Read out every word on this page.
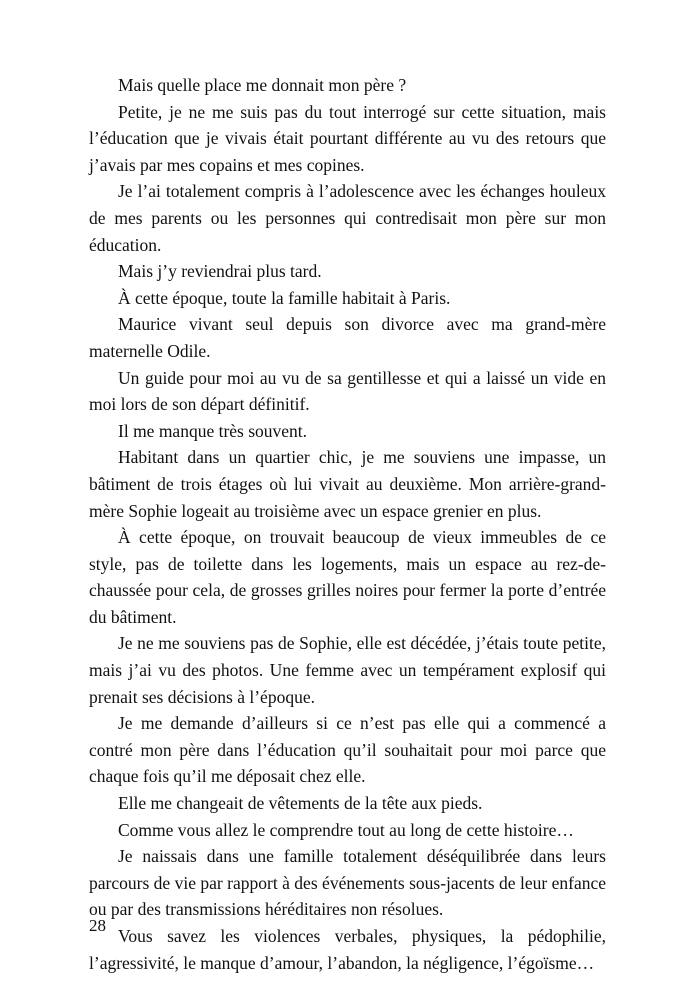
Mais quelle place me donnait mon père ?

Petite, je ne me suis pas du tout interrogé sur cette situation, mais l’éducation que je vivais était pourtant différente au vu des retours que j’avais par mes copains et mes copines.

Je l’ai totalement compris à l’adolescence avec les échanges houleux de mes parents ou les personnes qui contredisait mon père sur mon éducation.

Mais j’y reviendrai plus tard.

À cette époque, toute la famille habitait à Paris.

Maurice vivant seul depuis son divorce avec ma grand-mère maternelle Odile.

Un guide pour moi au vu de sa gentillesse et qui a laissé un vide en moi lors de son départ définitif.

Il me manque très souvent.

Habitant dans un quartier chic, je me souviens une impasse, un bâtiment de trois étages où lui vivait au deuxième. Mon arrière-grand-mère Sophie logeait au troisième avec un espace grenier en plus.

À cette époque, on trouvait beaucoup de vieux immeubles de ce style, pas de toilette dans les logements, mais un espace au rez-de-chaussée pour cela, de grosses grilles noires pour fermer la porte d’entrée du bâtiment.

Je ne me souviens pas de Sophie, elle est décédée, j’étais toute petite, mais j’ai vu des photos. Une femme avec un tempérament explosif qui prenait ses décisions à l’époque.

Je me demande d’ailleurs si ce n’est pas elle qui a commencé a contré mon père dans l’éducation qu’il souhaitait pour moi parce que chaque fois qu’il me déposait chez elle.

Elle me changeait de vêtements de la tête aux pieds.

Comme vous allez le comprendre tout au long de cette histoire…

Je naissais dans une famille totalement déséquilibrée dans leurs parcours de vie par rapport à des événements sous-jacents de leur enfance ou par des transmissions héréditaires non résolues.

Vous savez les violences verbales, physiques, la pédophilie, l’agressivité, le manque d’amour, l’abandon, la négligence, l’égoïsme…

28
